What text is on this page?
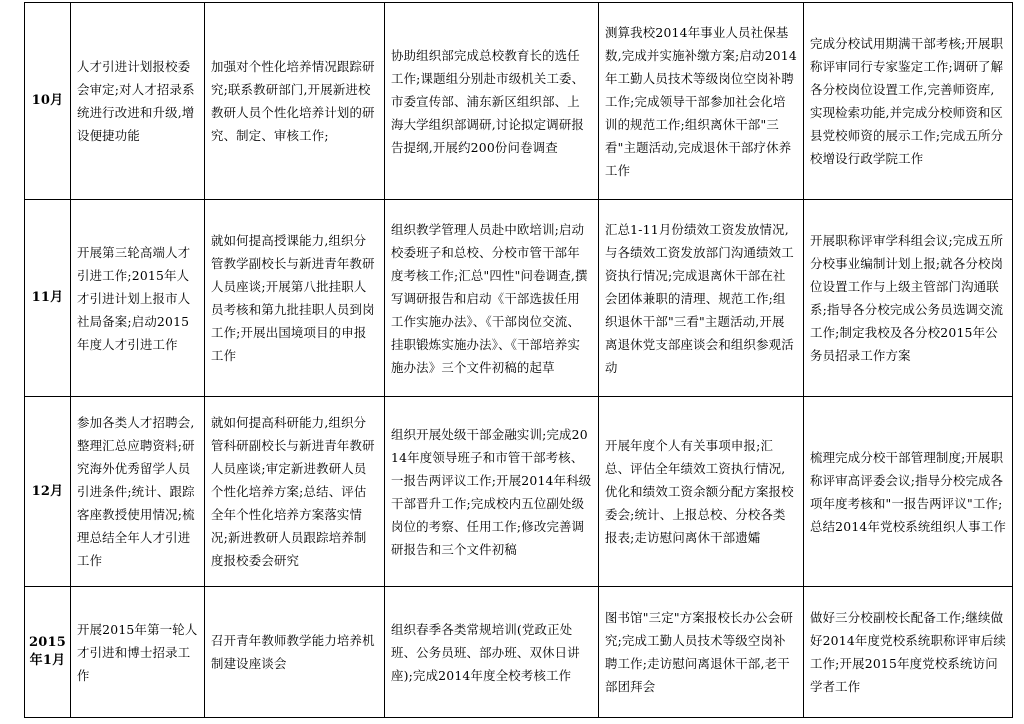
10月	人才引进计划报校委会审定;对人才招录系统进行改进和升级,增设便捷功能	加强对个性化培养情况跟踪研究;联系教研部门,开展新进校教研人员个性化培养计划的研究、制定、审核工作;	协助组织部完成总校教育长的选任工作;课题组分别赴市级机关工委、市委宣传部、浦东新区组织部、上海大学组织部调研,讨论拟定调研报告提纲,开展约200份问卷调查	测算我校2014年事业人员社保基数,完成并实施补缴方案;启动2014年工勤人员技术等级岗位空岗补聘工作;完成领导干部参加社会化培训的规范工作;组织离休干部"三看"主题活动,完成退休干部疗休养工作	完成分校试用期满干部考核;开展职称评审同行专家鉴定工作;调研了解各分校岗位设置工作,完善师资库,实现检索功能,并完成分校师资和区县党校师资的展示工作;完成五所分校增设行政学院工作
11月	开展第三轮高端人才引进工作;2015年人才引进计划上报市人社局备案;启动2015年度人才引进工作	就如何提高授课能力,组织分管教学副校长与新进青年教研人员座谈;开展第八批挂职人员考核和第九批挂职人员到岗工作;开展出国境项目的申报工作	组织教学管理人员赴中欧培训;启动校委班子和总校、分校市管干部年度考核工作;汇总"四性"问卷调查,撰写调研报告和启动《干部选拔任用工作实施办法》、《干部岗位交流、挂职锻炼实施办法》、《干部培养实施办法》三个文件初稿的起草	汇总1-11月份绩效工资发放情况,与各绩效工资发放部门沟通绩效工资执行情况;完成退离休干部在社会团体兼职的清理、规范工作;组织退休干部"三看"主题活动,开展离退休党支部座谈会和组织参观活动	开展职称评审学科组会议;完成五所分校事业编制计划上报;就各分校岗位设置工作与上级主管部门沟通联系;指导各分校完成公务员选调交流工作;制定我校及各分校2015年公务员招录工作方案
12月	参加各类人才招聘会,整理汇总应聘资料;研究海外优秀留学人员引进条件;统计、跟踪客座教授使用情况;梳理总结全年人才引进工作	就如何提高科研能力,组织分管科研副校长与新进青年教研人员座谈;审定新进教研人员个性化培养方案;总结、评估全年个性化培养方案落实情况;新进教研人员跟踪培养制度报校委会研究	组织开展处级干部金融实训;完成2014年度领导班子和市管干部考核、一报告两评议工作;开展2014年科级干部晋升工作;完成校内五位副处级岗位的考察、任用工作;修改完善调研报告和三个文件初稿	开展年度个人有关事项申报;汇总、评估全年绩效工资执行情况,优化和绩效工资余额分配方案报校委会;统计、上报总校、分校各类报表;走访慰问离休干部遗孀	梳理完成分校干部管理制度;开展职称评审高评委会议;指导分校完成各项年度考核和"一报告两评议"工作;总结2014年党校系统组织人事工作
2015年1月	开展2015年第一轮人才引进和博士招录工作	召开青年教师教学能力培养机制建设座谈会	组织春季各类常规培训(党政正处班、公务员班、部办班、双休日讲座);完成2014年度全校考核工作	图书馆"三定"方案报校长办公会研究;完成工勤人员技术等级空岗补聘工作;走访慰问离退休干部,老干部团拜会	做好三分校副校长配备工作;继续做好2014年度党校系统职称评审后续工作;开展2015年度党校系统访问学者工作
